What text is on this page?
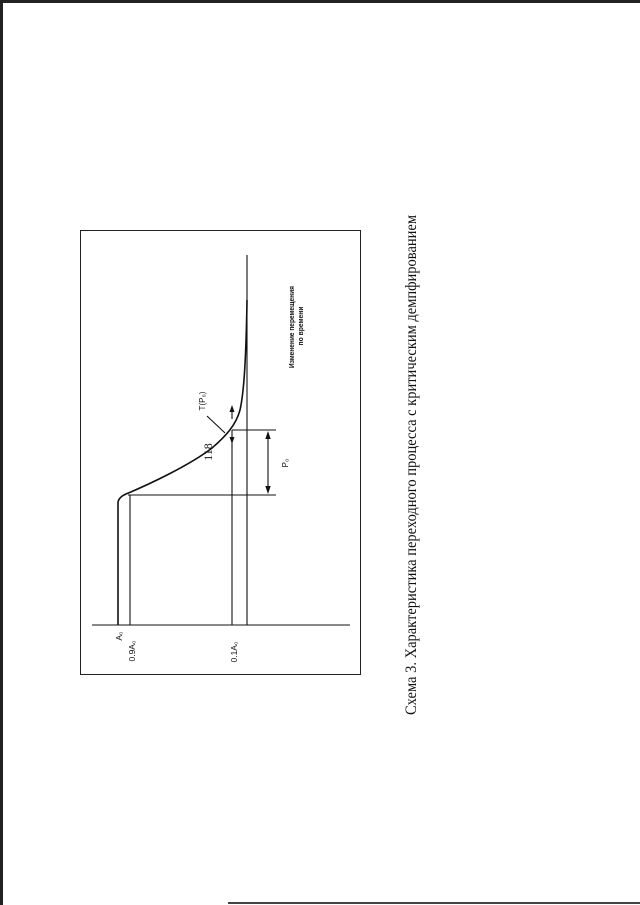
118
A₀
0.9A₀	0.1A₀
P₀
T(P₀)
Изменение перемещения по времени	Схема 3. Характеристика переходного процесса с критическим демпфированием
